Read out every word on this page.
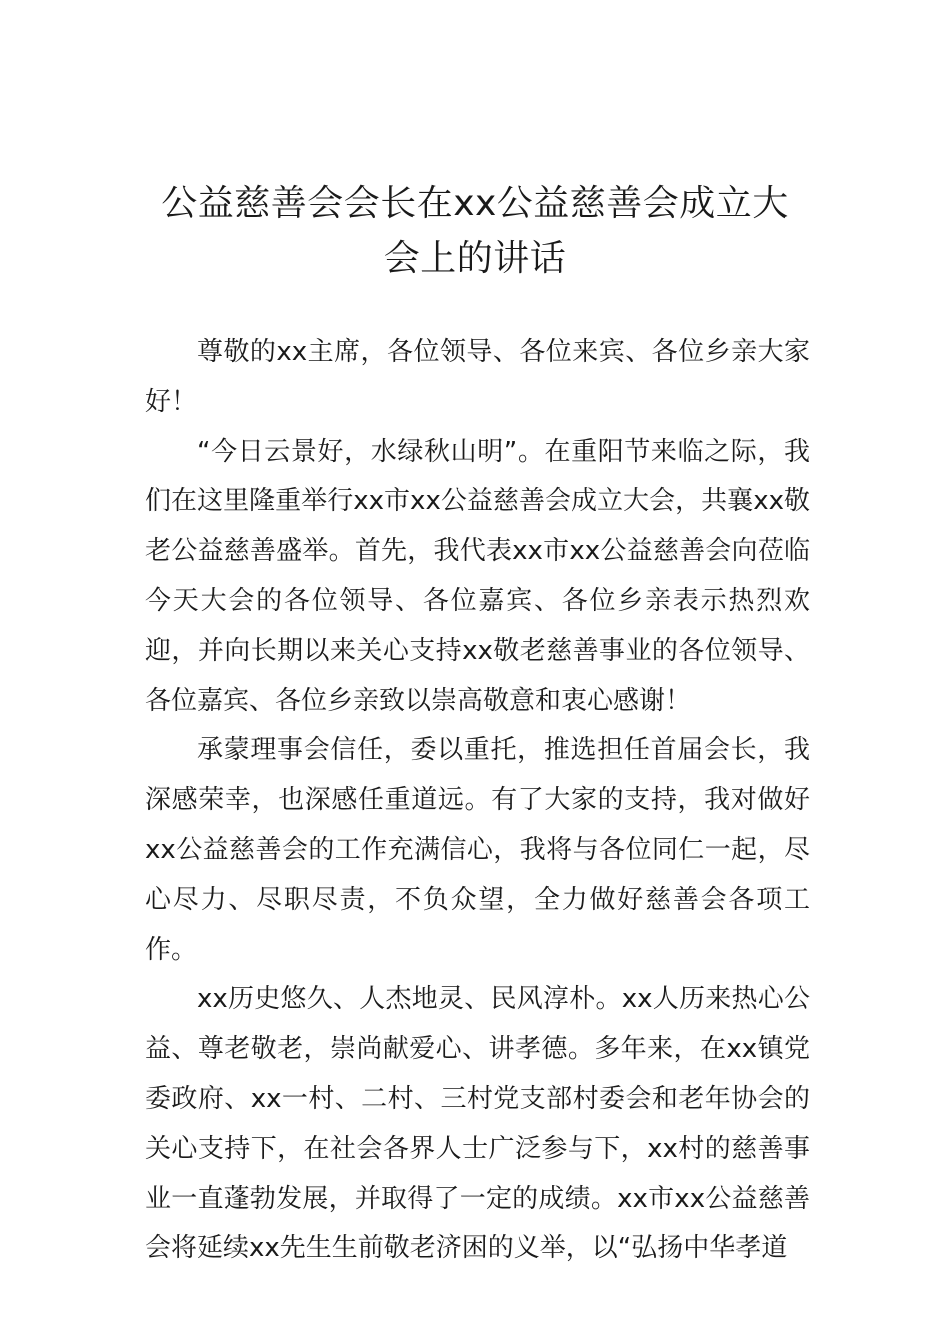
公益慈善会会长在xx公益慈善会成立大会上的讲话

尊敬的xx主席，各位领导、各位来宾、各位乡亲大家好！

“今日云景好，水绿秋山明”。在重阳节来临之际，我们在这里隆重举行xx市xx公益慈善会成立大会，共襄xx敬老公益慈善盛举。首先，我代表xx市xx公益慈善会向莅临今天大会的各位领导、各位嘉宾、各位乡亲表示热烈欢迎，并向长期以来关心支持xx敬老慈善事业的各位领导、各位嘉宾、各位乡亲致以崇高敬意和衷心感谢！

承蒙理事会信任，委以重托，推选担任首届会长，我深感荣幸，也深感任重道远。有了大家的支持，我对做好xx公益慈善会的工作充满信心，我将与各位同仁一起，尽心尽力、尽职尽责，不负众望，全力做好慈善会各项工作。

xx历史悠久、人杰地灵、民风淳朴。xx人历来热心公益、尊老敬老，崇尚献爱心、讲孝德。多年来，在xx镇党委政府、xx一村、二村、三村党支部村委会和老年协会的关心支持下，在社会各界人士广泛参与下，xx村的慈善事业一直蓬勃发展，并取得了一定的成绩。xx市xx公益慈善会将延续xx先生生前敬老济困的义举，以“弘扬中华孝道
